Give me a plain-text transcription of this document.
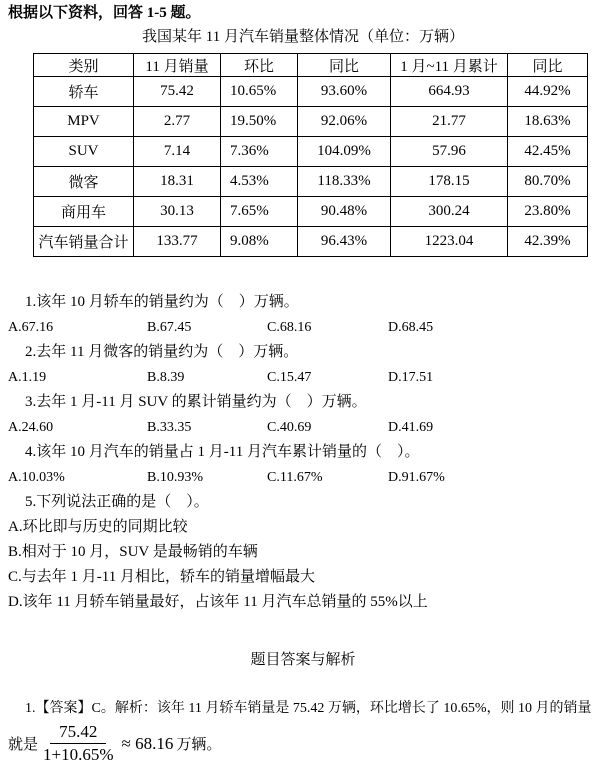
根据以下资料，回答 1-5 题。
我国某年 11 月汽车销量整体情况（单位：万辆）
类别	11 月销量	环比	同比	1 月~11 月累计	同比
轿车	75.42	10.65%	93.60%	664.93	44.92%
MPV	2.77	19.50%	92.06%	21.77	18.63%
SUV	7.14	7.36%	104.09%	57.96	42.45%
微客	18.31	4.53%	118.33%	178.15	80.70%
商用车	30.13	7.65%	90.48%	300.24	23.80%
汽车销量合计	133.77	9.08%	96.43%	1223.04	42.39%
1.该年 10 月轿车的销量约为（　）万辆。
A.67.16	B.67.45	C.68.16	D.68.45
2.去年 11 月微客的销量约为（　）万辆。
A.1.19	B.8.39	C.15.47	D.17.51
3.去年 1 月-11 月 SUV 的累计销量约为（　）万辆。
A.24.60	B.33.35	C.40.69	D.41.69
4.该年 10 月汽车的销量占 1 月-11 月汽车累计销量的（　）。
A.10.03%	B.10.93%	C.11.67%	D.91.67%
5.下列说法正确的是（　）。
A.环比即与历史的同期比较
B.相对于 10 月，SUV 是最畅销的车辆
C.与去年 1 月-11 月相比，轿车的销量增幅最大
D.该年 11 月轿车销量最好，占该年 11 月汽车总销量的 55%以上
题目答案与解析
1.【答案】C。解析：该年 11 月轿车销量是 75.42 万辆，环比增长了 10.65%，则 10 月的销量
就是 $\frac{75.42}{1+10.65\%} \approx 68.16$ 万辆。
